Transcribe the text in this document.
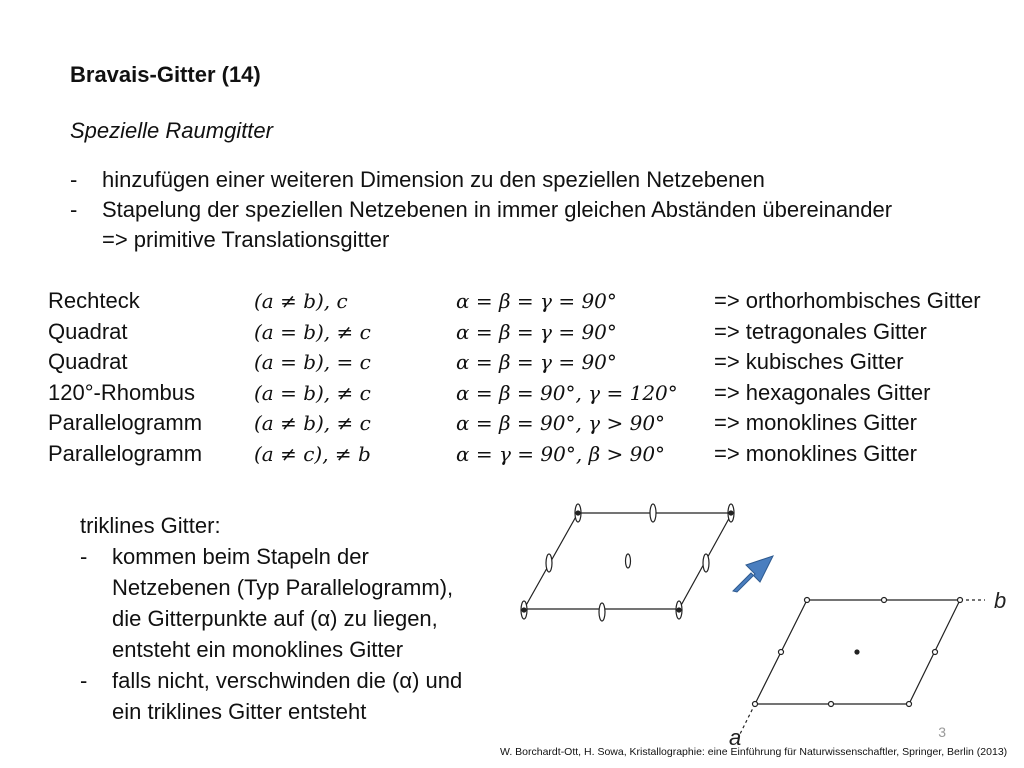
Bravais-Gitter (14)
Spezielle Raumgitter
-	hinzufügen einer weiteren Dimension zu den speziellen Netzebenen
-	Stapelung der speziellen Netzebenen in immer gleichen Abständen übereinander
=> primitive Translationsgitter
Rechteck	(a ≠ b), c	α = β = γ = 90°	=> orthorhombisches Gitter
Quadrat	(a = b), ≠ c	α = β = γ = 90°	=> tetragonales Gitter
Quadrat	(a = b), = c	α = β = γ = 90°	=> kubisches Gitter
120°-Rhombus	(a = b), ≠ c	α = β = 90°, γ = 120°	=> hexagonales Gitter
Parallelogramm	(a ≠ b), ≠ c	α = β = 90°, γ > 90°	=> monoklines Gitter
Parallelogramm	(a ≠ c), ≠ b	α = γ = 90°, β > 90°	=> monoklines Gitter
triklines Gitter:
-	kommen beim Stapeln der
Netzebenen (Typ Parallelogramm),
die Gitterpunkte auf (α) zu liegen,
entsteht ein monoklines Gitter
-	falls nicht, verschwinden die (α) und
ein triklines Gitter entsteht
b
a	3
W. Borchardt-Ott, H. Sowa, Kristallographie: eine Einführung für Naturwissenschaftler, Springer, Berlin (2013)
